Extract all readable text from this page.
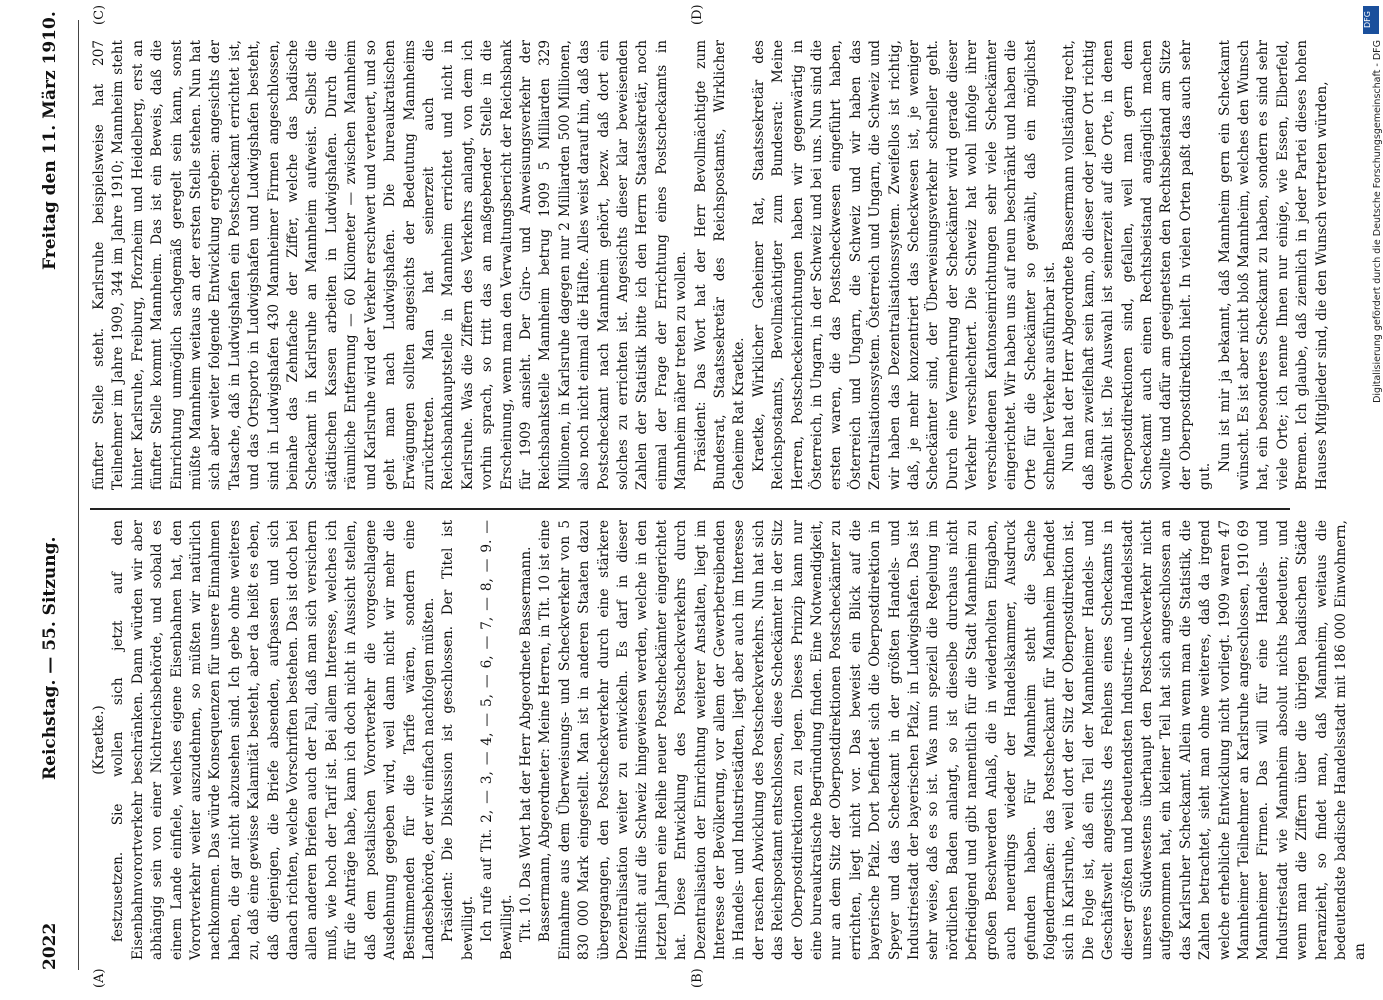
2022
Reichstag. — 55. Sitzung.
Freitag den 11. März 1910.
(A)	(B)
(C)	(D)

(Kraetke.) festzusetzen. Sie wollen sich jetzt auf den Eisenbahnvorortverkehr beschränken. Dann würden wir aber abhängig sein von einer Nichtreichsbehörde, und sobald es einem Lande einfiele, welches eigene Eisenbahnen hat, den Vorortverkehr weiter auszudehnen, so müßten wir natürlich nachkommen. Das würde Konsequenzen für unsere Einnahmen haben, die gar nicht abzusehen sind. Ich gebe ohne weiteres zu, daß eine gewisse Kalamität besteht, aber da heißt es eben, daß diejenigen, die Briefe absenden, aufpassen und sich danach richten, welche Vorschriften bestehen. Das ist doch bei allen anderen Briefen auch der Fall, daß man sich versichern muß, wie hoch der Tarif ist. Bei allem Interesse, welches ich für die Anträge habe, kann ich doch nicht in Aussicht stellen, daß dem postalischen Vorortverkehr die vorgeschlagene Ausdehnung gegeben wird, weil dann nicht wir mehr die Bestimmenden für die Tarife wären, sondern eine Landesbehörde, der wir einfach nachfolgen müßten. Präsident: Die Diskussion ist geschlossen. Der Titel ist bewilligt. Ich rufe auf Tit. 2, — 3, — 4, — 5, — 6, — 7, — 8, — 9. — Bewilligt. Tit. 10. Das Wort hat der Herr Abgeordnete Bassermann. Bassermann, Abgeordneter: Meine Herren, in Tit. 10 ist eine Einnahme aus dem Überweisungs- und Scheckverkehr von 5 830 000 Mark eingestellt. Man ist in anderen Staaten dazu übergegangen, den Postscheckverkehr durch eine stärkere Dezentralisation weiter zu entwickeln. Es darf in dieser Hinsicht auf die Schweiz hingewiesen werden, welche in den letzten Jahren eine Reihe neuer Postscheckämter eingerichtet hat. Diese Entwicklung des Postscheckverkehrs durch Dezentralisation der Einrichtung weiterer Anstalten, liegt im Interesse der Bevölkerung, vor allem der Gewerbetreibenden in Handels- und Industriestädten, liegt aber auch im Interesse der raschen Abwicklung des Postscheckverkehrs. Nun hat sich das Reichspostamt entschlossen, diese Scheckämter in der Sitz der Oberpostdirektionen zu legen. Dieses Prinzip kann nur eine bureaukratische Begründung finden. Eine Notwendigkeit, nur an dem Sitz der Oberpostdirektionen Postscheckämter zu errichten, liegt nicht vor. Das beweist ein Blick auf die bayerische Pfalz. Dort befindet sich die Oberpostdirektion in Speyer und das Scheckamt in der größten Handels- und Industriestadt der bayerischen Pfalz, in Ludwigshafen. Das ist sehr weise, daß es so ist. Was nun speziell die Regelung im nördlichen Baden anlangt, so ist dieselbe durchaus nicht befriedigend und gibt namentlich für die Stadt Mannheim zu großen Beschwerden Anlaß, die in wiederholten Eingaben, auch neuerdings wieder der Handelskammer, Ausdruck gefunden haben. Für Mannheim steht die Sache folgendermaßen: das Postscheckamt für Mannheim befindet sich in Karlsruhe, weil dort der Sitz der Oberpostdirektion ist. Die Folge ist, daß ein Teil der Mannheimer Handels- und Geschäftswelt angesichts des Fehlens eines Scheckamts in dieser größten und bedeutendsten Industrie- und Handelsstadt unseres Südwestens überhaupt den Postscheckverkehr nicht aufgenommen hat, ein kleiner Teil hat sich angeschlossen an das Karlsruher Scheckamt. Allein wenn man die Statistik, die Zahlen betrachtet, sieht man ohne weiteres, daß da irgend welche erhebliche Entwicklung nicht vorliegt. 1909 waren 47 Mannheimer Teilnehmer an Karlsruhe angeschlossen, 1910 69 Mannheimer Firmen. Das will für eine Handels- und Industriestadt wie Mannheim absolut nichts bedeuten; und wenn man die Ziffern über die übrigen badischen Städte heranzieht, so findet man, daß Mannheim, weitaus die bedeutendste badische Handelsstadt mit 186 000 Einwohnern, an

fünfter Stelle steht. Karlsruhe beispielsweise hat 207 Teilnehmer im Jahre 1909, 344 im Jahre 1910; Mannheim steht hinter Karlsruhe, Freiburg, Pforzheim und Heidelberg, erst an fünfter Stelle kommt Mannheim. Das ist ein Beweis, daß die Einrichtung unmöglich sachgemäß geregelt sein kann, sonst müßte Mannheim weitaus an der ersten Stelle stehen. Nun hat sich aber weiter folgende Entwicklung ergeben: angesichts der Tatsache, daß in Ludwigshafen ein Postscheckamt errichtet ist, und das Ortsporto in Ludwigshafen und Ludwigshafen besteht, sind in Ludwigshafen 430 Mannheimer Firmen angeschlossen, beinahe das Zehnfache der Ziffer, welche das badische Scheckamt in Karlsruhe an Mannheim aufweist. Selbst die städtischen Kassen arbeiten in Ludwigshafen. Durch die räumliche Entfernung — 60 Kilometer — zwischen Mannheim und Karlsruhe wird der Verkehr erschwert und verteuert, und so geht man nach Ludwigshafen. Die bureaukratischen Erwägungen sollten angesichts der Bedeutung Mannheims zurücktreten. Man hat seinerzeit auch die Reichsbankhauptstelle in Mannheim errichtet und nicht in Karlsruhe. Was die Ziffern des Verkehrs anlangt, von dem ich vorhin sprach, so tritt das an maßgebender Stelle in die Erscheinung, wenn man den Verwaltungsbericht der Reichsbank für 1909 ansieht. Der Giro- und Anweisungsverkehr der Reichsbankstelle Mannheim betrug 1909 5 Milliarden 329 Millionen, in Karlsruhe dagegen nur 2 Milliarden 500 Millionen, also noch nicht einmal die Hälfte. Alles weist darauf hin, daß das Postscheckamt nach Mannheim gehört, bezw. daß dort ein solches zu errichten ist. Angesichts dieser klar beweisenden Zahlen der Statistik bitte ich den Herrn Staatssekretär, noch einmal der Frage der Errichtung eines Postscheckamts in Mannheim näher treten zu wollen. Präsident: Das Wort hat der Herr Bevollmächtigte zum Bundesrat, Staatssekretär des Reichspostamts, Wirklicher Geheime Rat Kraetke. Kraetke, Wirklicher Geheimer Rat, Staatssekretär des Reichspostamts, Bevollmächtigter zum Bundesrat: Meine Herren, Postscheckeinrichtungen haben wir gegenwärtig in Österreich, in Ungarn, in der Schweiz und bei uns. Nun sind die ersten waren, die das Postscheckwesen eingeführt haben, Österreich und Ungarn, die Schweiz und wir haben das Zentralisationssystem. Österreich und Ungarn, die Schweiz und wir haben das Dezentralisationssystem. Zweifellos ist richtig, daß, je mehr konzentriert das Scheckwesen ist, je weniger Scheckämter sind, der Überweisungsverkehr schneller geht. Durch eine Vermehrung der Scheckämter wird gerade dieser Verkehr verschlechtert. Die Schweiz hat wohl infolge ihrer verschiedenen Kantonseinrichtungen sehr viele Scheckämter eingerichtet. Wir haben uns auf neun beschränkt und haben die Orte für die Scheckämter so gewählt, daß ein möglichst schneller Verkehr ausführbar ist. Nun hat der Herr Abgeordnete Bassermann vollständig recht, daß man zweifelhaft sein kann, ob dieser oder jener Ort richtig gewählt ist. Die Auswahl ist seinerzeit auf die Orte, in denen Oberpostdirektionen sind, gefallen, weil man gern dem Scheckamt auch einen Rechtsbeistand angänglich machen wollte und dafür am geeignetsten den Rechtsbeistand am Sitze der Oberpostdirektion hielt. In vielen Orten paßt das auch sehr gut.

Nun ist mir ja bekannt, daß Mannheim gern ein Scheckamt wünscht. Es ist aber nicht bloß Mannheim, welches den Wunsch hat, ein besonderes Scheckamt zu haben, sondern es sind sehr viele Orte; ich nenne Ihnen nur einige, wie Essen, Elberfeld, Bremen. Ich glaube, daß ziemlich in jeder Partei dieses hohen Hauses Mitglieder sind, die den Wunsch vertreten würden,

DFG
Digitalisierung gefördert durch die Deutsche Forschungsgemeinschaft - DFG
